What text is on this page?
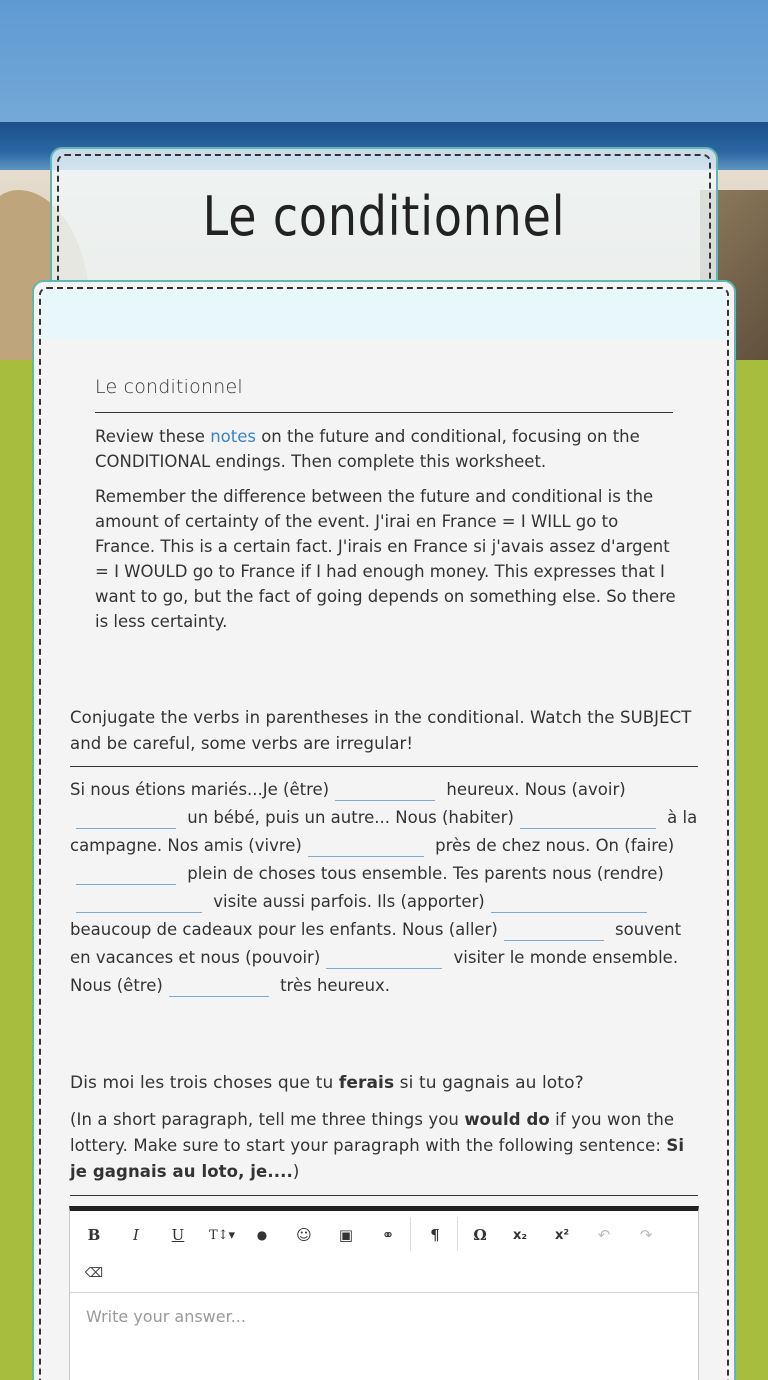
Le conditionnel
Le conditionnel
Review these notes on the future and conditional, focusing on the CONDITIONAL endings. Then complete this worksheet.
Remember the difference between the future and conditional is the amount of certainty of the event. J'irai en France = I WILL go to France. This is a certain fact. J'irais en France si j'avais assez d'argent = I WOULD go to France if I had enough money. This expresses that I want to go, but the fact of going depends on something else. So there is less certainty.
Conjugate the verbs in parentheses in the conditional. Watch the SUBJECT and be careful, some verbs are irregular!
Si nous étions mariés...Je (être)	heureux. Nous (avoir) un bébé, puis un autre... Nous (habiter)	à la campagne. Nos amis (vivre)	près de chez nous. On (faire) plein de choses tous ensemble. Tes parents nous (rendre) visite aussi parfois. Ils (apporter) beaucoup de cadeaux pour les enfants. Nous (aller)	souvent en vacances et nous (pouvoir)	visiter le monde ensemble. Nous (être)	très heureux.
Dis moi les trois choses que tu ferais si tu gagnais au loto?
(In a short paragraph, tell me three things you would do if you won the lottery. Make sure to start your paragraph with the following sentence: Si je gagnais au loto, je....)
B	I	U	T↕▾	●	☺	▣	⚭	¶	Ω	x₂	x²	↶	↷
⌫
Write your answer...
